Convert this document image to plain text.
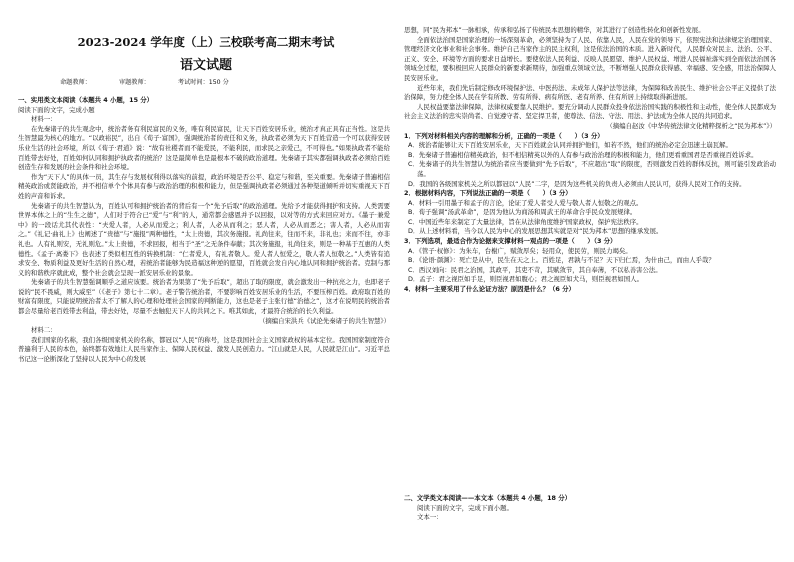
2023-2024 学年度（上）三校联考高二期末考试
语文试题
命题教师：	审题教师：	考试时间：150 分

一、实用类文本阅读（本题共 4 小题，15 分）

阅读下面的文字，完成小题

材料一：

在先秦诸子的共生观念中，统治者务有利民富民的义务，唯有利民富民，让天下百姓安居乐业，统治才真正具有正当性。这是共生智慧最为核心的地方。“以政裕民”，出自《荀子·富国》，强调统治者的责任和义务，执政者必须为天下百姓营造一个可以获得安居乐业生活的社会环境，所以《荀子·君道》说：“故有社稷者而不能爱民，不能利民，而求民之亲爱己，不可得也。”如果执政者不能给百姓带去好处，百姓如何认同和拥护执政者的统治？这是最简单也是最根本不破的政治道理。先秦诸子其实都强调执政者必须给百姓创造生存和发展的社会条件和社会环境。

作为“天下人”的具体一员，其生存与发展权利得以落实的前提，政治环境是否公平、稳定与和谐，至关重要。先秦诸子普遍相信精英政治或贤能政治，并不相信单个个体具有参与政治治理的积极和能力，但是强调执政者必须通过各种渠道倾听并切实重视天下百姓的声音和诉求。

先秦诸子的共生智慧认为，百姓认可和拥护统治者的背后有一个“先予后取”的政治道理。先给予才能获得拥护和支持。人类需要世界本体之上的“生生之德”，人们对于符合已“爱”与“利”的人，通常都会感恩并予以回报，以对等的方式来回应对方。《墨子·兼爱中》的一段话尤其代表性：“夫爱人者，人必从而爱之；利人者，人必从而利之；恶人者，人必从而恶之；害人者，人必从而害之。”《礼记·曲礼上》也阐述了“贵德”与“施报”两种德性，“太上贵德，其次务施报。礼尚往来，往而不来，非礼也；来而不往，亦非礼也。人有礼则安，无礼则危。”太上贵德，不求回报，相当于“圣”之无条件奉献；其次务施报，礼尚往来，则是一种基于互惠的人类德性。《孟子·离娄下》也表述了类似相互性的转换机制：“仁者爱人，有礼者敬人。爱人者人恒爱之，敬人者人恒敬之。”人类皆有追求安全、物质利益及更好生活的自然心理，若统治者能够为民造福这种逆的愿望，百姓就会发自内心地认同和拥护统治者。克制与那义的和谐秩序就此成，整个社会就会呈现一派安居乐业的景象。

先秦诸子的共生智慧强调顺乎之道应该要。统治者为果第了“先予后取”，超出了取的限度，就会激发出一种抗亮之力，也即老子说的“民不畏威，则大威至”（《老子》第七十二章）。老子警告统治者，不要影响百姓安居乐业的生活，不要压榨百姓。政府取百姓的财富有限度，只能说明统治者太不了解人的心理和处理社会国家的判断能力，这也是老子主张行德“治德之”，这才在说明民的统治者都会尽量给老百姓带去利益，带去好处，尽量不去触犯天下人的共同之下。唯其如此，才最符合统治的长久利益。

（摘编自宋洪兵《试论先秦诸子的共生智慧》）

材料二：

我们国家的名称，我们各级国家机关的名称，都冠以“人民”的称号，这是我国社会主义国家政权的基本定位。我国国家制度符合普遍利于人民的本色，始终都有效地让人民当家作主、保障人民权益、激发人民创造力。“江山就是人民，人民就是江山”。习近平总书记这一论断深化了坚持以人民为中心的发展

思想，同“民为邦本”一脉相承，传承和弘扬了传统民本思想的精华，对其进行了创造性转化和创新性发展。

全面依法治国是国家治理的一场深刻革命，必须坚持为了人民、依靠人民，人民在党的领导下，依照宪法和法律规定治理国家、管理经济文化事业和社会事务。维护自己当家作主的民主权利，这是依法治国的本质。进入新时代，人民群众对民主、法治、公平、正义、安全、环境等方面的要求日益增长。要使依法人民利益、反映人民愿望、维护人民权益、增进人民福祉落实到全面依法治国各领域全过程，要积极回应人民群众的新要求新期待，加强重点领域立法，不断增强人民群众获得感、幸福感、安全感，用法治保障人民安居乐业。

近些年来，我们先后制定修改环境保护法、中医药法、未成年人保护法等法律，为保障和改善民生、维护社会公平正义提供了法治保障，努力使全体人民在学有所教、劳有所得、病有所医、老有所养、住有所居上持续取得新进展。

人民权益要靠法律保障，法律权威要靠人民维护。要充分调动人民群众投身依法治国实践的积极性和主动性，使全体人民都成为社会主义法治的忠实崇尚者、自觉遵守者、坚定捍卫者，使尊法、信法、守法、用法、护法成为全体人民的共同追求。

（摘编自赵汝《中华传统法律文化精粹探析之“民为邦本”》）

1．下列对材料相关内容的理解和分析，正确的一项是（　　）（3 分）

A．统治者能够让天下百姓安居乐业，天下百姓就会认同并拥护他们，如若不然，他们的统治必定会迅速土崩瓦解。

B．先秦诸子普遍相信精英政治，但不相信精英以外的人有参与政治治理的积极和能力，他们更看重国君是否重视百姓诉求。

C．先秦诸子的共生智慧认为统治者应当要做到“先予后取”，不应超出“取”的限度，否则激发百姓的群体反抗，则可能引发政治动荡。

D．我国的各级国家机关之所以都冠以“人民”二字，是因为这些机关的负责人必须由人民认可，获得人民对工作的支持。

2．根据材料内容，下列说法正确的一项是（　　）（3 分）

A．材料一引用墨子和孟子的言论，论证了爱人者受人爱与敬人者人恒敬之的观点。

B．荀子强调“汤武革命”，是因为他认为商汤和周武王的革命合乎民众发展规律。

C．中国近些年来制定了大量法律，旨在从法律角度维护国家政权，保护宪法秩序。

D．从上述材料看，当今以人民为中心的发展思想其实就是对“民为邦本”思想的继承发展。

3．下列选项，最适合作为论据来支撑材料一观点的一项是（　　）（3 分）

A．《管子·权修》：为朱车，台榭广，赋敛厚矣；轻用众，使民劳，则民力竭矣。

B．《论语·颜渊》：死亡是从中，民生在天之上。百姓足，君孰与不足？天下归仁焉，为什由己，而由人乎哉？

C．西汉刘向：民君之治国，其政平，其吏不苛，其赋敛节，其自奉薄，不以私善害公法。

D．孟子：君之视臣如手足，则臣视君如腹心；君之视臣如犬马，则臣视君如国人。

4．材料一主要采用了什么论证方法？原因是什么？（6 分）

二、文学类文本阅读——本文本（本题共 4 小题，18 分）

阅读下面的文字，完成下面小题。

文本一：
